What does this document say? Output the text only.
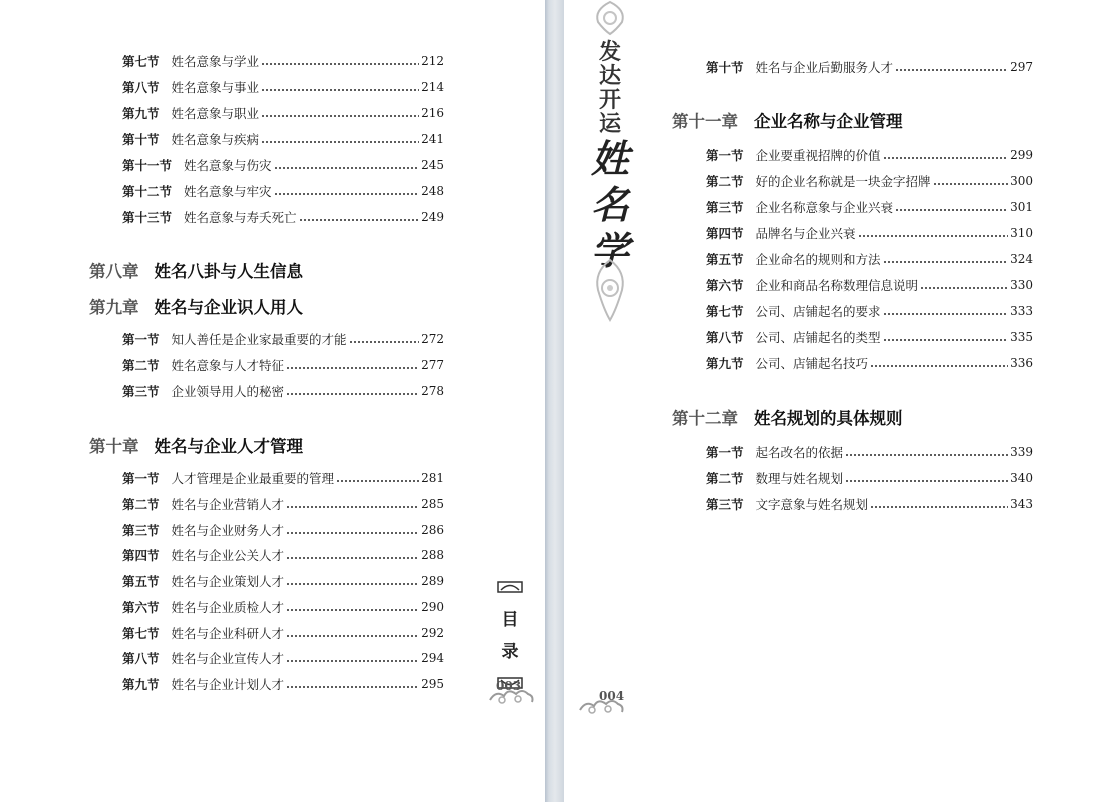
第七节 姓名意象与学业	212
第八节 姓名意象与事业	214
第九节 姓名意象与职业	216
第十节 姓名意象与疾病	241
第十一节 姓名意象与伤灾	245
第十二节 姓名意象与牢灾	248
第十三节 姓名意象与寿夭死亡	249
第八章 姓名八卦与人生信息
第九章 姓名与企业识人用人
第一节 知人善任是企业家最重要的才能	272
第二节 姓名意象与人才特征	277
第三节 企业领导用人的秘密	278
第十章 姓名与企业人才管理
第一节 人才管理是企业最重要的管理	281
第二节 姓名与企业营销人才	285
第三节 姓名与企业财务人才	286
第四节 姓名与企业公关人才	288
第五节 姓名与企业策划人才	289
第六节 姓名与企业质检人才	290
第七节 姓名与企业科研人才	292
第八节 姓名与企业宣传人才	294
第九节 姓名与企业计划人才	295
目
录
003
发
达
开
运
姓
名
学
第十节 姓名与企业后勤服务人才	297
第十一章 企业名称与企业管理
第一节 企业要重视招牌的价值	299
第二节 好的企业名称就是一块金字招牌	300
第三节 企业名称意象与企业兴衰	301
第四节 品牌名与企业兴衰	310
第五节 企业命名的规则和方法	324
第六节 企业和商品名称数理信息说明	330
第七节 公司、店铺起名的要求	333
第八节 公司、店铺起名的类型	335
第九节 公司、店铺起名技巧	336
第十二章 姓名规划的具体规则
第一节 起名改名的依据	339
第二节 数理与姓名规划	340
第三节 文字意象与姓名规划	343
004
